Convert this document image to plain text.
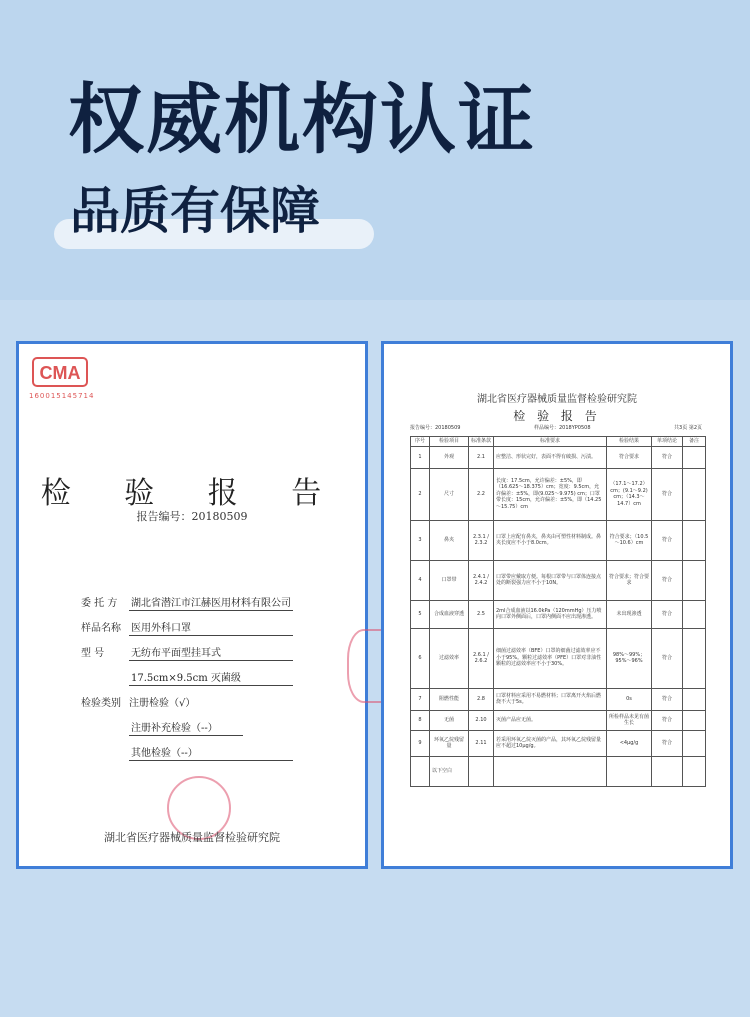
权威机构认证
品质有保障
CMA
160015145714
检 验 报 告
报告编号：20180509
委 托 方 湖北省潜江市江赫医用材料有限公司
样品名称 医用外科口罩
型 号	无纺布平面型挂耳式
17.5cm×9.5cm 灭菌级
检验类别 注册检验（√）
注册补充检验（--）
其他检验（--）
湖北省医疗器械质量监督检验研究院
湖北省医疗器械质量监督检验研究院
检 验 报 告
报告编号：20180509	样品编号：2018YP0508	共3页 第2页
序号	检验项目	标准条款	标准要求	检验结果	单项结论	备注
1	外观	2.1	应整洁、形状完好，表面不得有破损、污渍。	符合要求	符合	
2	尺寸	2.2	长度：17.5cm，允许偏差：±5%，即（16.625～18.375）cm；宽度：9.5cm，允许偏差：±5%，即(9.025～9.975) cm；口罩带长度：15cm，允许偏差：±5%，即（14.25～15.75）cm	（17.1～17.2）cm；(9.1～9.2) cm；（14.3～14.7）cm	符合	
3	鼻夹	2.3.1 / 2.3.2	口罩上应配有鼻夹，鼻夹由可塑性材料制成。鼻夹长度应不小于8.0cm。	符合要求；（10.5～10.6）cm	符合	
4	口罩带	2.4.1 / 2.4.2	口罩带应戴取方便。每根口罩带与口罩体连接点处的断裂强力应不小于10N。	符合要求；符合要求	符合	
5	合成血液穿透	2.5	2ml合成血液以16.0kPa（120mmHg）压力喷向口罩外侧面后，口罩内侧面不应出现渗透。	未出现渗透	符合	
6	过滤效率	2.6.1 / 2.6.2	细菌过滤效率（BFE）口罩的细菌过滤效率应不小于95%。颗粒过滤效率（PFE）口罩对非油性颗粒的过滤效率应不小于30%。	98%～99%；95%～96%	符合	
7	阻燃性能	2.8	口罩材料应采用不易燃材料；口罩离开火焰后燃烧不大于5s。	0s	符合	
8	无菌	2.10	灭菌产品应无菌。	所检样品未见有菌生长	符合	
9	环氧乙烷残留量	2.11	若采用环氧乙烷灭菌的产品，其环氧乙烷残留量应不超过10μg/g。	<4μg/g	符合	
	以下空白					
